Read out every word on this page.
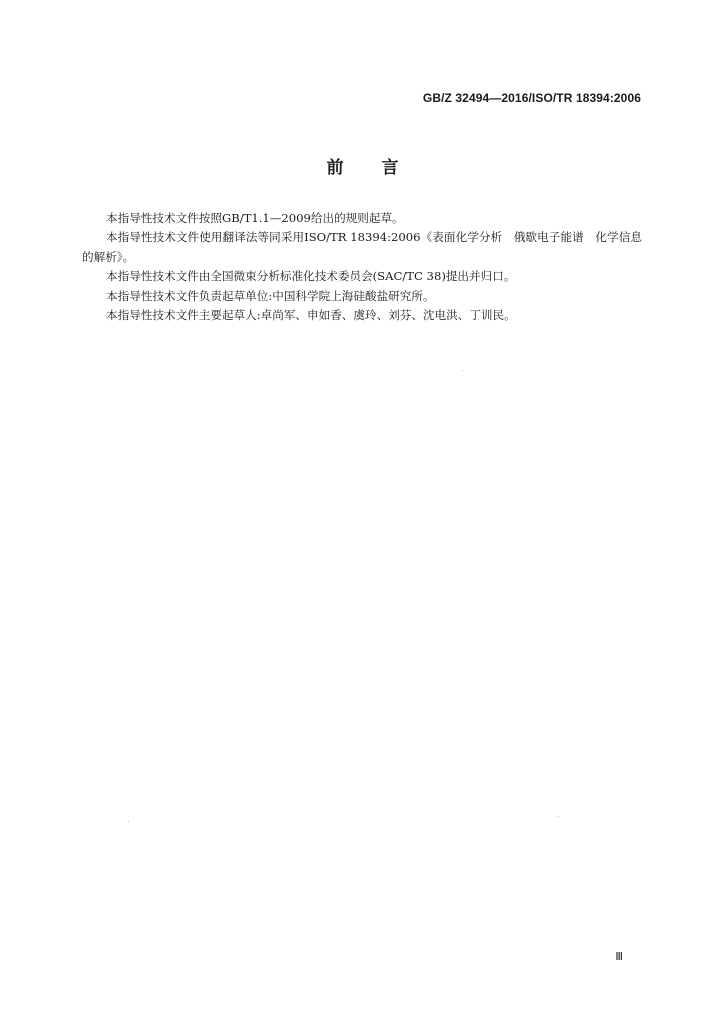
GB/Z 32494—2016/ISO/TR 18394:2006
前言

本指导性技术文件按照GB/T1.1—2009给出的规则起草。

本指导性技术文件使用翻译法等同采用ISO/TR 18394:2006《表面化学分析　俄歇电子能谱　化学信息的解析》。

本指导性技术文件由全国微束分析标准化技术委员会(SAC/TC 38)提出并归口。

本指导性技术文件负责起草单位:中国科学院上海硅酸盐研究所。

本指导性技术文件主要起草人:卓尚军、申如香、虞玲、刘芬、沈电洪、丁训民。

Ⅲ
